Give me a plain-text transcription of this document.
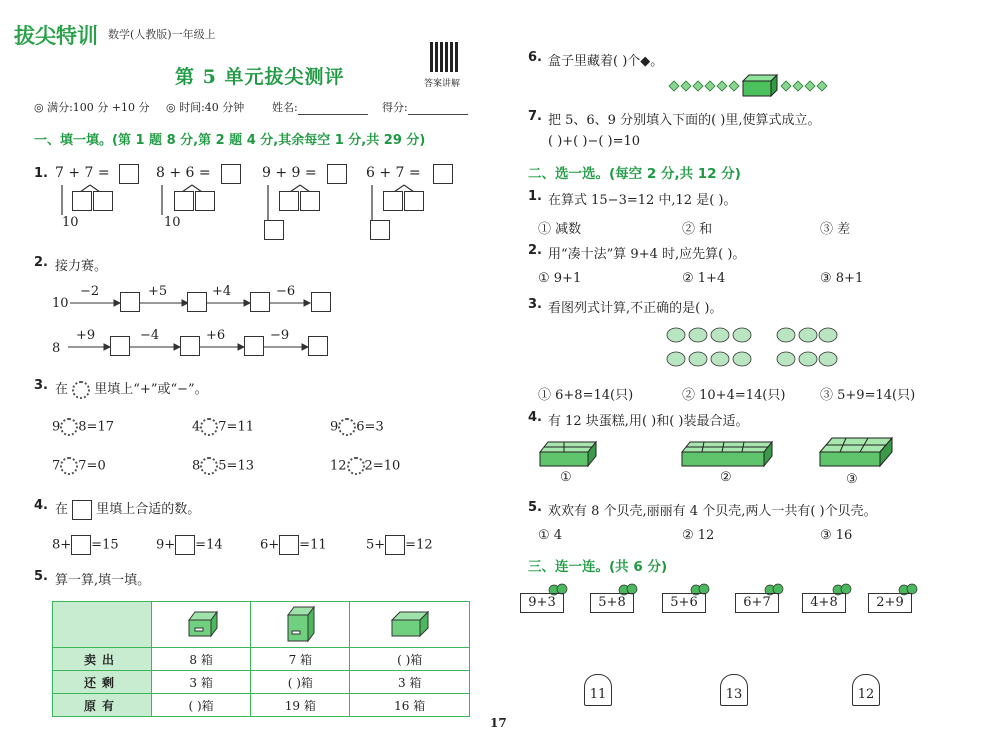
拔尖特训 数学(人教版)一年级上
答案讲解
第 5 单元拔尖测评
◎ 满分:100 分 +10 分 ◎ 时间:40 分钟	姓名:	得分:
一、填一填。(第 1 题 8 分,第 2 题 4 分,其余每空 1 分,共 29 分)
1. 7 + 7 =	8 + 6 =	9 + 9 =	6 + 7 =
10	10
2. 接力赛。
10
8
−2	+5	+4	−6
+9	−4	+6	−9
3. 在 里填上“+”或“−”。
9 8=17	4 7=11	9 6=3
7 7=0	8 5=13	12 2=10
4. 在 里填上合适的数。
8+ =15	9+ =14	6+ =11	5+ =12
5. 算一算,填一填。

卖出	8 箱	7 箱	( )箱
还剩	3 箱	( )箱	3 箱
原有	( )箱	19 箱	16 箱
17
6. 盒子里藏着( )个◆。
7. 把 5、6、9 分别填入下面的( )里,使算式成立。
( )+( )−( )=10
二、选一选。(每空 2 分,共 12 分)
1. 在算式 15−3=12 中,12 是( )。
① 减数	② 和	③ 差
2. 用“凑十法”算 9+4 时,应先算( )。
① 9+1	② 1+4	③ 8+1
3. 看图列式计算,不正确的是( )。
① 6+8=14(只)	② 10+4=14(只)	③ 5+9=14(只)
4. 有 12 块蛋糕,用( )和( )装最合适。
①	②	③
5. 欢欢有 8 个贝壳,丽丽有 4 个贝壳,两人一共有( )个贝壳。
① 4	② 12	③ 16
三、连一连。(共 6 分)
9+3	5+8	5+6	6+7	4+8	2+9
11	13	12
